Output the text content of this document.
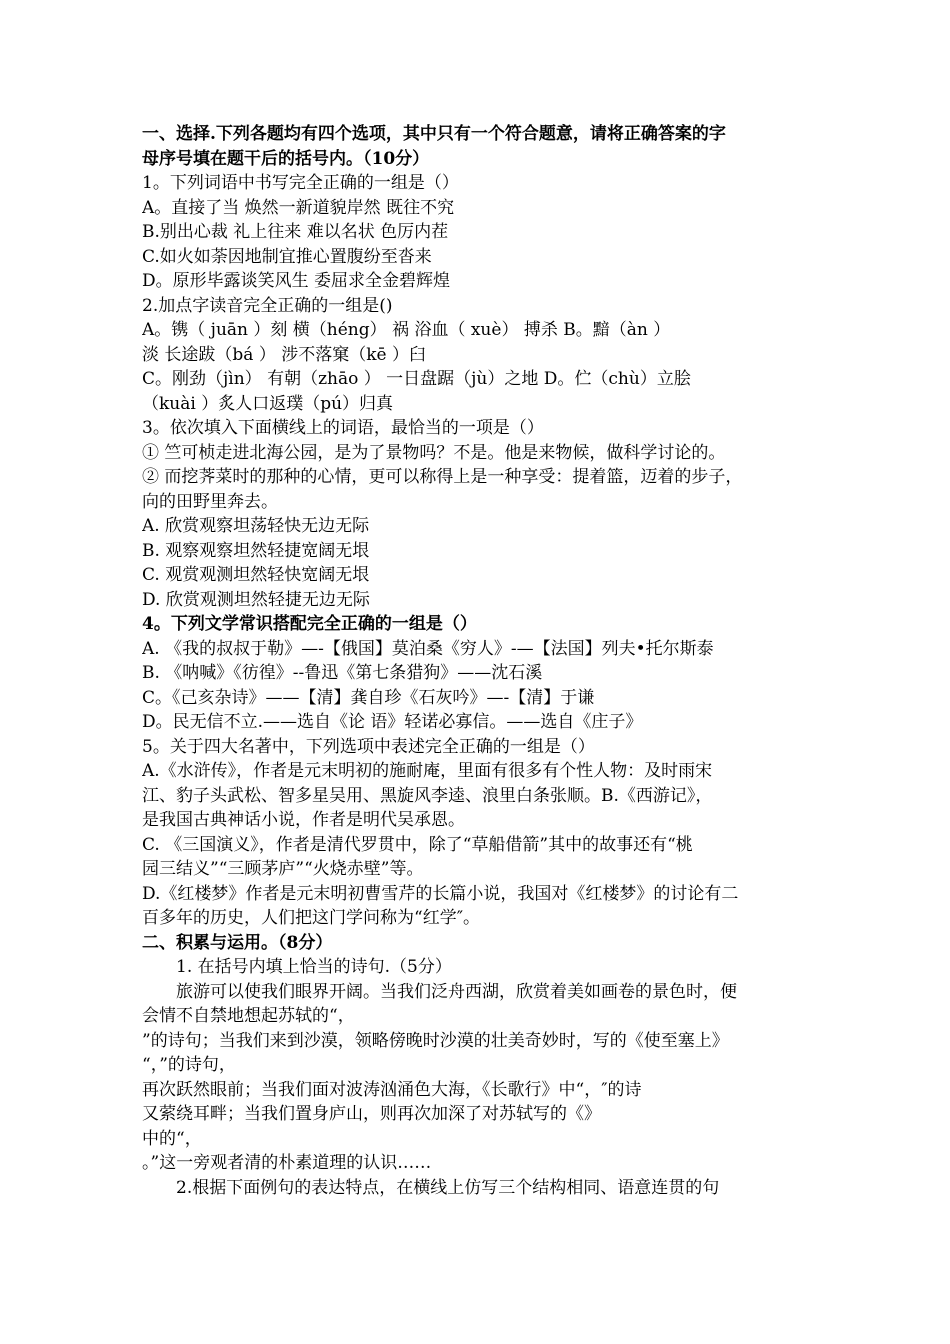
一、选择.下列各题均有四个选项，其中只有一个符合题意，请将正确答案的字
母序号填在题干后的括号内。（10分）
1。下列词语中书写完全正确的一组是（）
A。直接了当 焕然一新道貌岸然 既往不究
B.别出心裁 礼上往来 难以名状 色厉内茬
C.如火如荼因地制宜推心置腹纷至沓来
D。原形毕露谈笑风生 委屈求全金碧辉煌
2.加点字读音完全正确的一组是()
A。镌（ juān ）刻 横（héng） 祸 浴血（ xuè） 搏杀 B。黯（àn ）
淡 长途跋（bá ） 涉不落窠（kē ）臼
C。刚劲（jìn） 有朝（zhāo ） 一日盘踞（jù）之地 D。伫（chù）立脍
（kuài ）炙人口返璞（pú）归真
3。依次填入下面横线上的词语，最恰当的一项是（）
① 竺可桢走进北海公园，是为了景物吗？不是。他是来物候，做科学讨论的。
② 而挖荠菜时的那种的心情，更可以称得上是一种享受：提着篮，迈着的步子，
向的田野里奔去。
A. 欣赏观察坦荡轻快无边无际
B. 观察观察坦然轻捷宽阔无垠
C. 观赏观测坦然轻快宽阔无垠
D. 欣赏观测坦然轻捷无边无际
4。下列文学常识搭配完全正确的一组是（）
A. 《我的叔叔于勒》—-【俄国】莫泊桑《穷人》-—【法国】列夫•托尔斯泰
B. 《呐喊》《彷徨》--鲁迅《第七条猎狗》——沈石溪
C。《己亥杂诗》——【清】龚自珍《石灰吟》—-【清】于谦
D。民无信不立.——选自《论 语》轻诺必寡信。——选自《庄子》
5。关于四大名著中，下列选项中表述完全正确的一组是（）
A.《水浒传》，作者是元末明初的施耐庵，里面有很多有个性人物：及时雨宋
江、豹子头武松、智多星吴用、黑旋风李逵、浪里白条张顺。B.《西游记》，
是我国古典神话小说，作者是明代吴承恩。
C. 《三国演义》，作者是清代罗贯中，除了“草船借箭”其中的故事还有“桃
园三结义”“三顾茅庐”“火烧赤壁”等。
D.《红楼梦》作者是元末明初曹雪芹的长篇小说，我国对《红楼梦》的讨论有二
百多年的历史，人们把这门学问称为“红学″。
二、积累与运用。（8分）
1. 在括号内填上恰当的诗句.（5分）
旅游可以使我们眼界开阔。当我们泛舟西湖，欣赏着美如画卷的景色时，便
会情不自禁地想起苏轼的“，
”的诗句；当我们来到沙漠，领略傍晚时沙漠的壮美奇妙时，写的《使至塞上》
“，”的诗句，
再次跃然眼前；当我们面对波涛汹涌色大海，《长歌行》中“，″的诗
又萦绕耳畔；当我们置身庐山，则再次加深了对苏轼写的《》
中的“，
。”这一旁观者清的朴素道理的认识……
2.根据下面例句的表达特点，在横线上仿写三个结构相同、语意连贯的句
